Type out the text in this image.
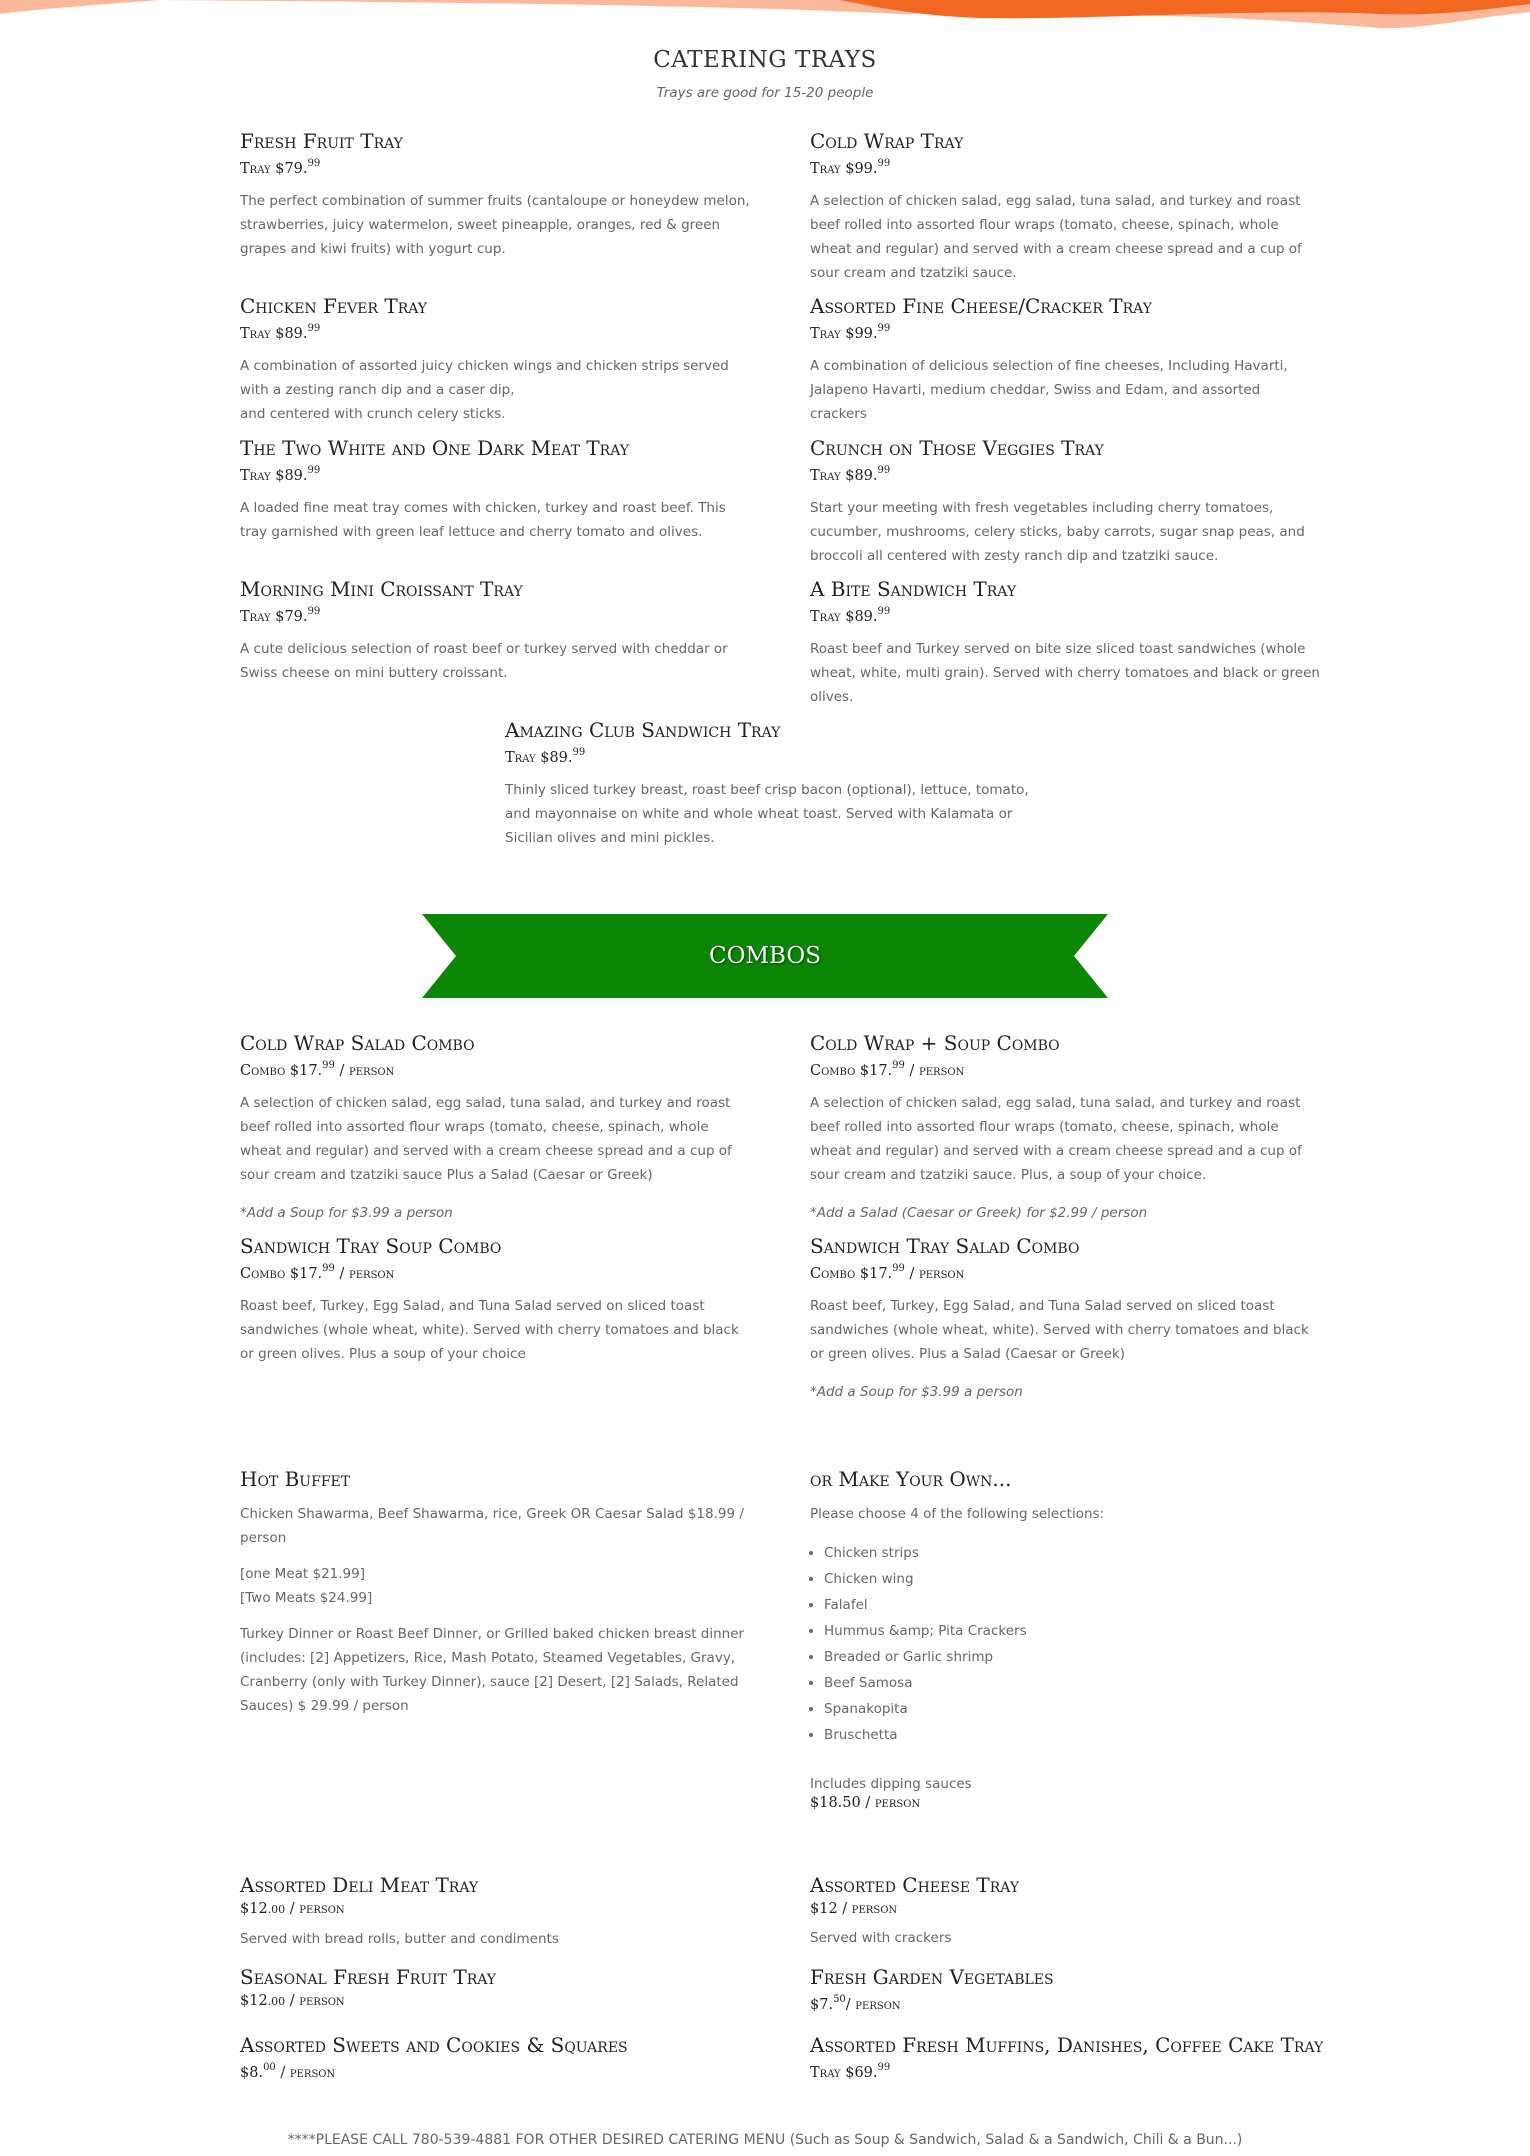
CATERING TRAYS
Trays are good for 15-20 people
Fresh Fruit Tray
Tray $79.99
The perfect combination of summer fruits (cantaloupe or honeydew melon, strawberries, juicy watermelon, sweet pineapple, oranges, red & green grapes and kiwi fruits) with yogurt cup.
Cold Wrap Tray
Tray $99.99
A selection of chicken salad, egg salad, tuna salad, and turkey and roast beef rolled into assorted flour wraps (tomato, cheese, spinach, whole wheat and regular) and served with a cream cheese spread and a cup of sour cream and tzatziki sauce.
Chicken Fever Tray
Tray $89.99
A combination of assorted juicy chicken wings and chicken strips served with a zesting ranch dip and a caser dip,
and centered with crunch celery sticks.
Assorted Fine Cheese/Cracker Tray
Tray $99.99
A combination of delicious selection of fine cheeses, Including Havarti, Jalapeno Havarti, medium cheddar, Swiss and Edam, and assorted crackers
The Two White and One Dark Meat Tray
Tray $89.99
A loaded fine meat tray comes with chicken, turkey and roast beef. This tray garnished with green leaf lettuce and cherry tomato and olives.
Crunch on Those Veggies Tray
Tray $89.99
Start your meeting with fresh vegetables including cherry tomatoes, cucumber, mushrooms, celery sticks, baby carrots, sugar snap peas, and broccoli all centered with zesty ranch dip and tzatziki sauce.
Morning Mini Croissant Tray
Tray $79.99
A cute delicious selection of roast beef or turkey served with cheddar or Swiss cheese on mini buttery croissant.
A Bite Sandwich Tray
Tray $89.99
Roast beef and Turkey served on bite size sliced toast sandwiches (whole wheat, white, multi grain). Served with cherry tomatoes and black or green olives.
Amazing Club Sandwich Tray
Tray $89.99
Thinly sliced turkey breast, roast beef crisp bacon (optional), lettuce, tomato, and mayonnaise on white and whole wheat toast. Served with Kalamata or Sicilian olives and mini pickles.
COMBOS
Cold Wrap Salad Combo
Combo $17.99 / person
A selection of chicken salad, egg salad, tuna salad, and turkey and roast beef rolled into assorted flour wraps (tomato, cheese, spinach, whole wheat and regular) and served with a cream cheese spread and a cup of sour cream and tzatziki sauce Plus a Salad (Caesar or Greek)
*Add a Soup for $3.99 a person
Cold Wrap + Soup Combo
Combo $17.99 / person
A selection of chicken salad, egg salad, tuna salad, and turkey and roast beef rolled into assorted flour wraps (tomato, cheese, spinach, whole wheat and regular) and served with a cream cheese spread and a cup of sour cream and tzatziki sauce. Plus, a soup of your choice.
*Add a Salad (Caesar or Greek) for $2.99 / person
Sandwich Tray Soup Combo
Combo $17.99 / person
Roast beef, Turkey, Egg Salad, and Tuna Salad served on sliced toast sandwiches (whole wheat, white). Served with cherry tomatoes and black or green olives. Plus a soup of your choice
Sandwich Tray Salad Combo
Combo $17.99 / person
Roast beef, Turkey, Egg Salad, and Tuna Salad served on sliced toast sandwiches (whole wheat, white). Served with cherry tomatoes and black or green olives. Plus a Salad (Caesar or Greek)
*Add a Soup for $3.99 a person
Hot Buffet
Chicken Shawarma, Beef Shawarma, rice, Greek OR Caesar Salad $18.99 / person
[one Meat $21.99]
[Two Meats $24.99]
Turkey Dinner or Roast Beef Dinner, or Grilled baked chicken breast dinner (includes: [2] Appetizers, Rice, Mash Potato, Steamed Vegetables, Gravy, Cranberry (only with Turkey Dinner), sauce [2] Desert, [2] Salads, Related Sauces) $ 29.99 / person
or Make Your Own...
Please choose 4 of the following selections:
• Chicken strips
• Chicken wing
• Falafel
• Hummus &amp; Pita Crackers
• Breaded or Garlic shrimp
• Beef Samosa
• Spanakopita
• Bruschetta
Includes dipping sauces
$18.50 / person
Assorted Deli Meat Tray
$12.00 / person
Served with bread rolls, butter and condiments
Assorted Cheese Tray
$12 / person
Served with crackers
Seasonal Fresh Fruit Tray
$12.00 / person
Fresh Garden Vegetables
$7.50/ person
Assorted Sweets and Cookies & Squares
$8.00 / person
Assorted Fresh Muffins, Danishes, Coffee Cake Tray
Tray $69.99
****PLEASE CALL 780-539-4881 FOR OTHER DESIRED CATERING MENU (Such as Soup & Sandwich, Salad & a Sandwich, Chili & a Bun...)
